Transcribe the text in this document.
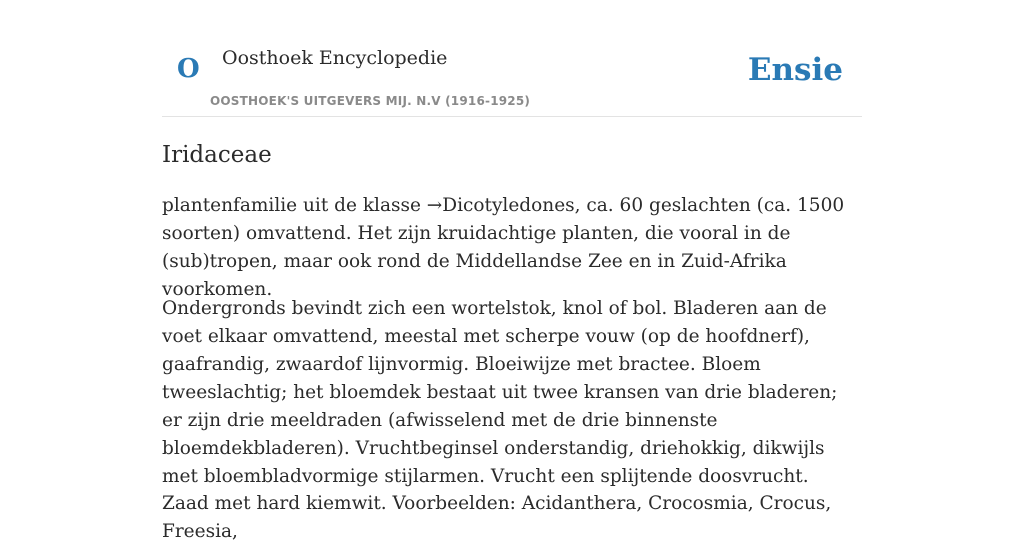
O Oosthoek Encyclopedie
OOSTHOEK'S UITGEVERS MIJ. N.V (1916-1925)
Ensie
Iridaceae

plantenfamilie uit de klasse →Dicotyledones, ca. 60 geslachten (ca. 1500 soorten) omvattend. Het zijn kruidachtige planten, die vooral in de (sub)tropen, maar ook rond de Middellandse Zee en in Zuid-Afrika voorkomen.

Ondergronds bevindt zich een wortelstok, knol of bol. Bladeren aan de voet elkaar omvattend, meestal met scherpe vouw (op de hoofdnerf), gaafrandig, zwaardof lijnvormig. Bloeiwijze met bractee. Bloem tweeslachtig; het bloemdek bestaat uit twee kransen van drie bladeren; er zijn drie meeldraden (afwisselend met de drie binnenste bloemdekbladeren). Vruchtbeginsel onderstandig, driehokkig, dikwijls met bloembladvormige stijlarmen. Vrucht een splijtende doosvrucht.

Zaad met hard kiemwit. Voorbeelden: Acidanthera, Crocosmia, Crocus, Freesia,
